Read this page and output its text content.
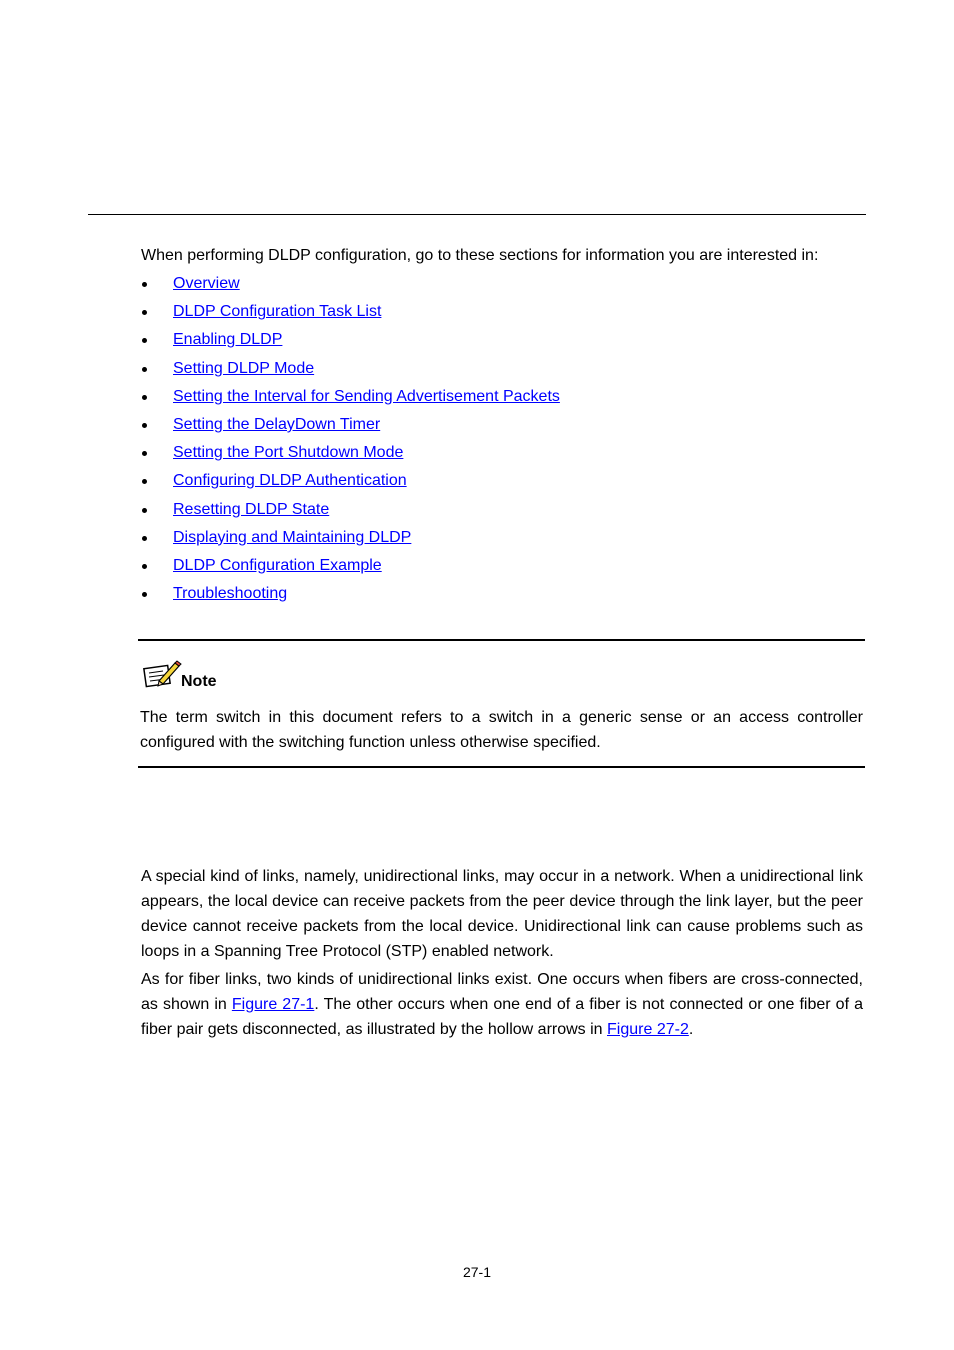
When performing DLDP configuration, go to these sections for information you are interested in:

Overview
DLDP Configuration Task List
Enabling DLDP
Setting DLDP Mode
Setting the Interval for Sending Advertisement Packets
Setting the DelayDown Timer
Setting the Port Shutdown Mode
Configuring DLDP Authentication
Resetting DLDP State
Displaying and Maintaining DLDP
DLDP Configuration Example
Troubleshooting
Note

The term switch in this document refers to a switch in a generic sense or an access controller configured with the switching function unless otherwise specified.

A special kind of links, namely, unidirectional links, may occur in a network. When a unidirectional link appears, the local device can receive packets from the peer device through the link layer, but the peer device cannot receive packets from the local device. Unidirectional link can cause problems such as loops in a Spanning Tree Protocol (STP) enabled network.

As for fiber links, two kinds of unidirectional links exist. One occurs when fibers are cross-connected, as shown in Figure 27-1. The other occurs when one end of a fiber is not connected or one fiber of a fiber pair gets disconnected, as illustrated by the hollow arrows in Figure 27-2.

27-1
